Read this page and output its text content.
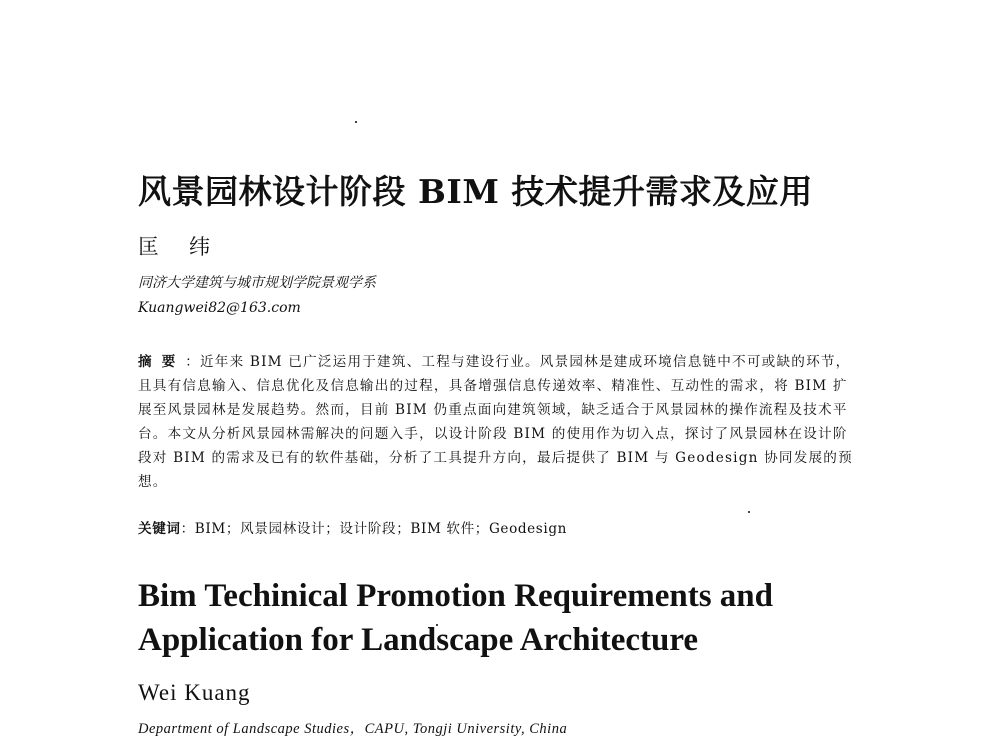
风景园林设计阶段 BIM 技术提升需求及应用
匡纬
同济大学建筑与城市规划学院景观学系
Kuangwei82@163.com
摘要：近年来 BIM 已广泛运用于建筑、工程与建设行业。风景园林是建成环境信息链中不可或缺的环节，且具有信息输入、信息优化及信息输出的过程，具备增强信息传递效率、精准性、互动性的需求，将 BIM 扩展至风景园林是发展趋势。然而，目前 BIM 仍重点面向建筑领域，缺乏适合于风景园林的操作流程及技术平台。本文从分析风景园林需解决的问题入手，以设计阶段 BIM 的使用作为切入点，探讨了风景园林在设计阶段对 BIM 的需求及已有的软件基础，分析了工具提升方向，最后提供了 BIM 与 Geodesign 协同发展的预想。
关键词：BIM；风景园林设计；设计阶段；BIM 软件；Geodesign
Bim Techinical Promotion Requirements and
Application for Landscape Architecture
Wei Kuang
Department of Landscape Studies，CAPU, Tongji University, China
